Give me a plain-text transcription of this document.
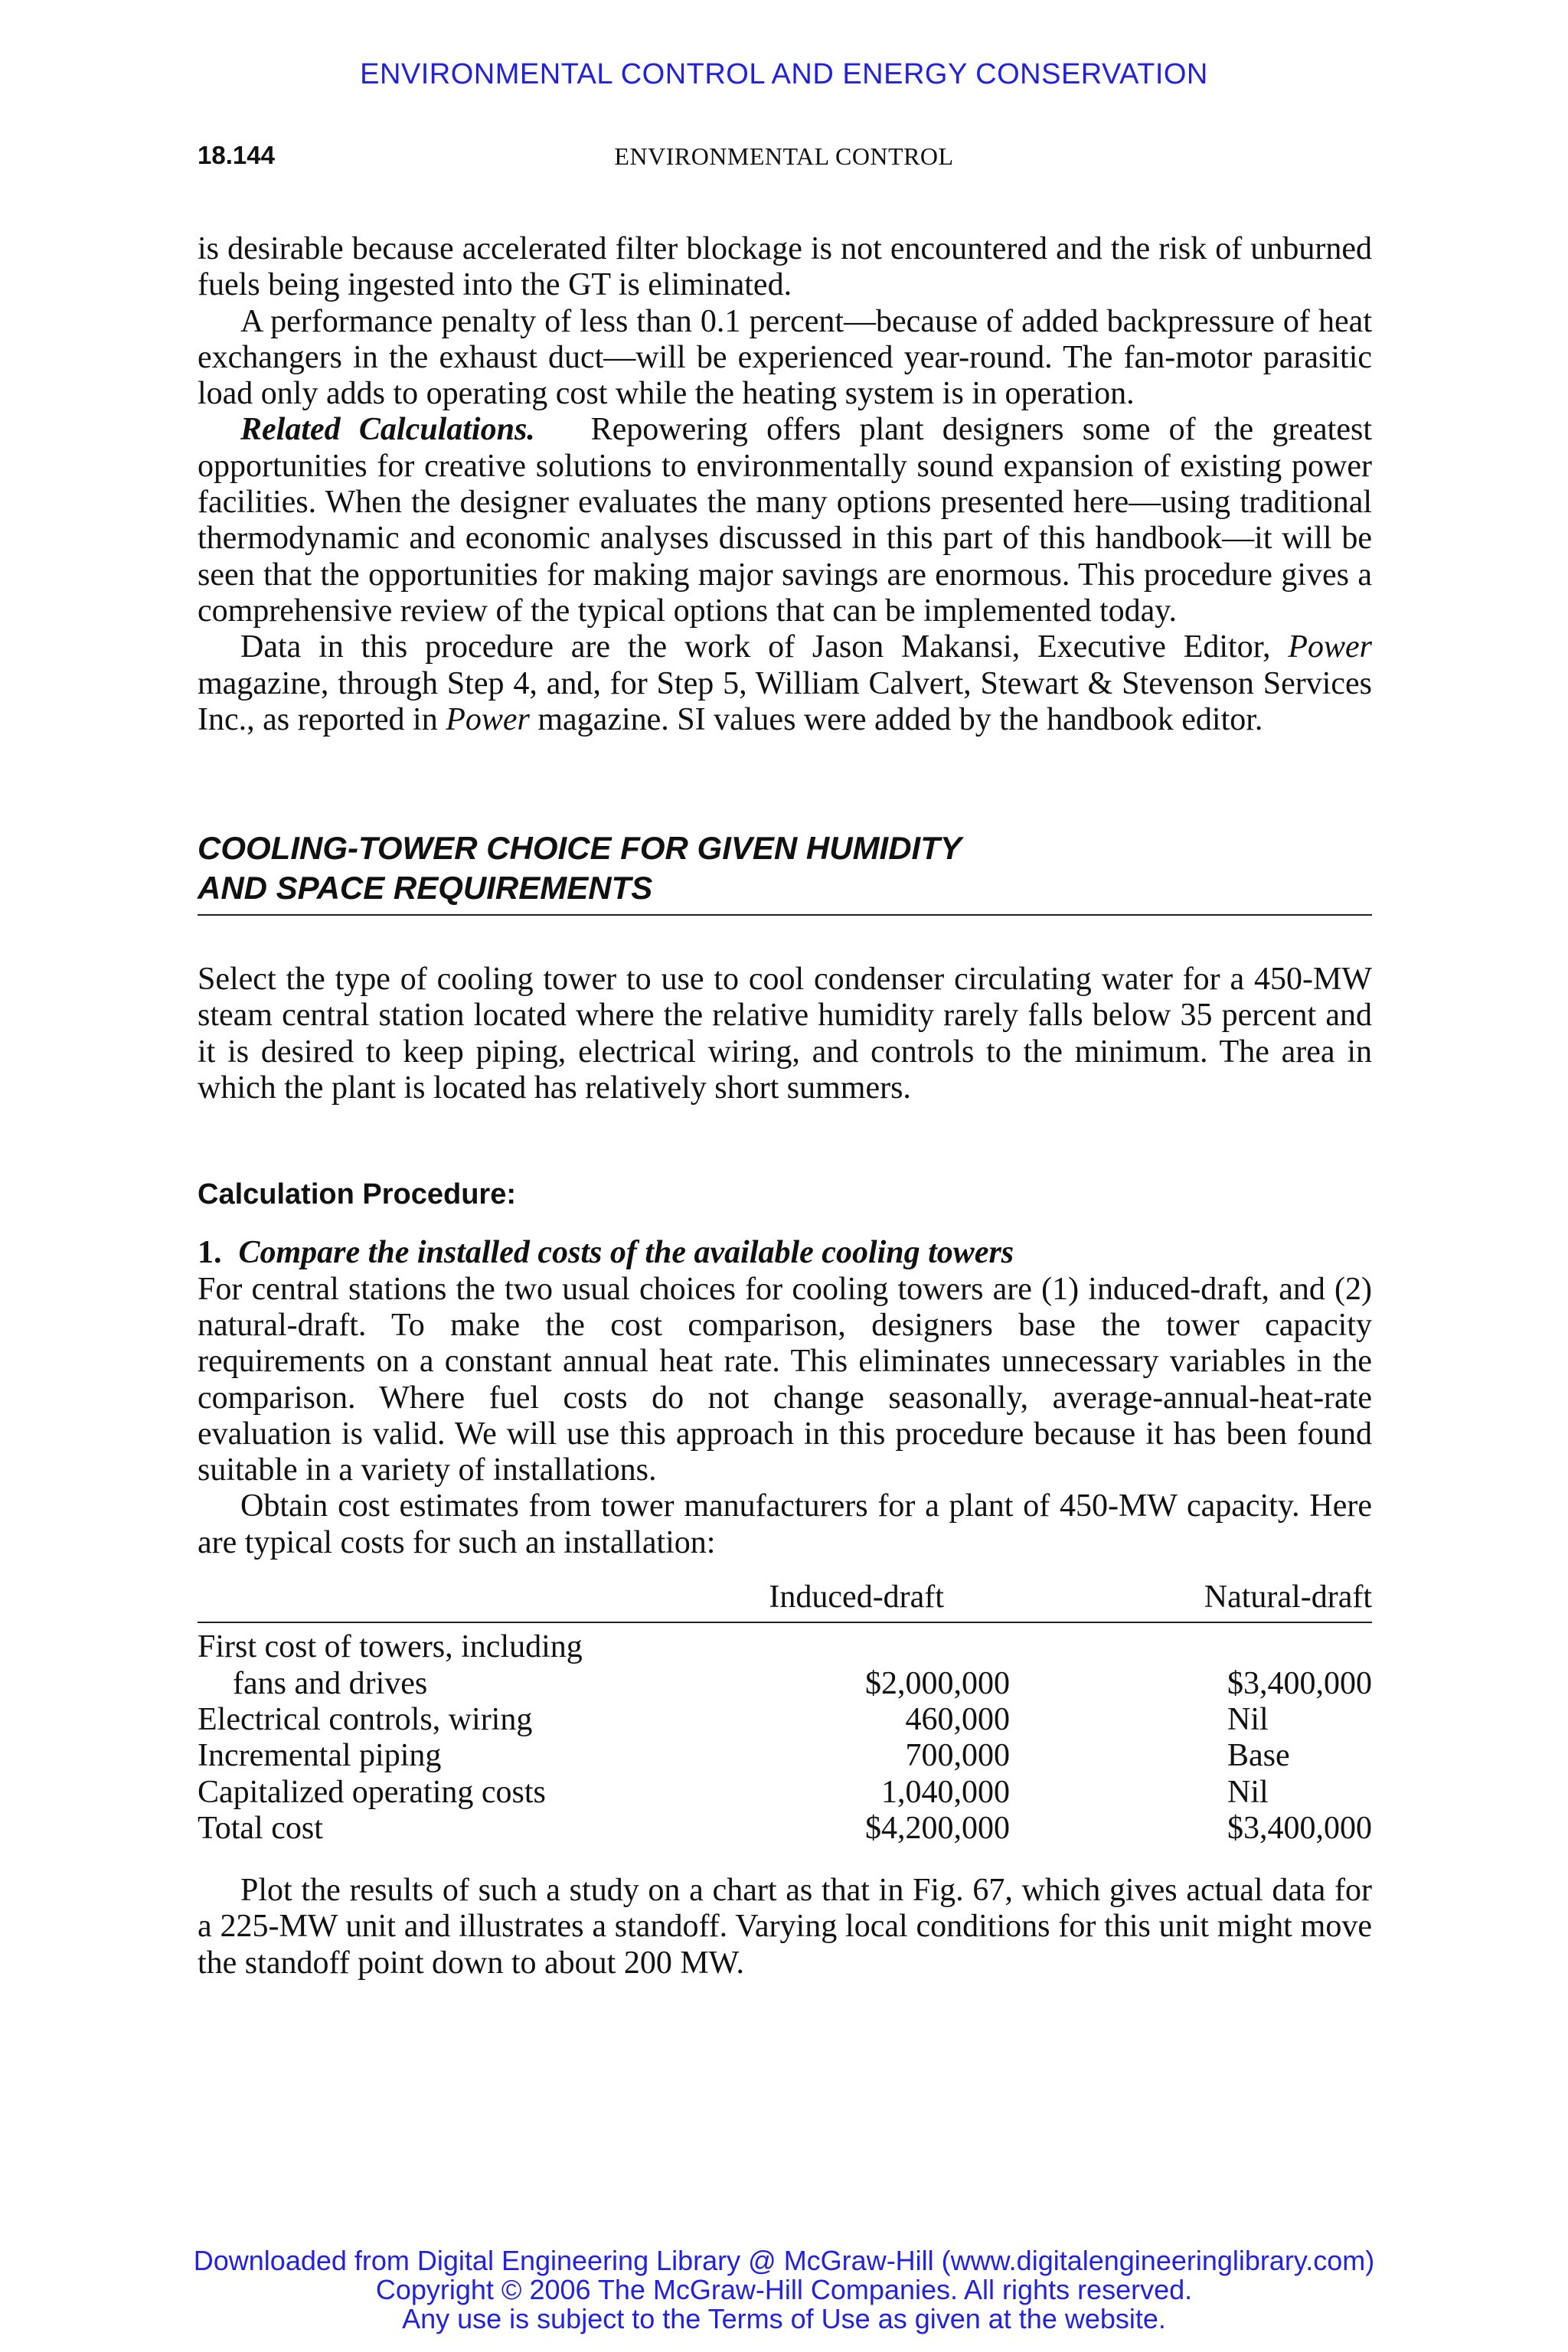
ENVIRONMENTAL CONTROL AND ENERGY CONSERVATION
18.144	ENVIRONMENTAL CONTROL

is desirable because accelerated filter blockage is not encountered and the risk of unburned fuels being ingested into the GT is eliminated.

A performance penalty of less than 0.1 percent—because of added backpressure of heat exchangers in the exhaust duct—will be experienced year-round. The fan-motor parasitic load only adds to operating cost while the heating system is in operation.

Related Calculations. Repowering offers plant designers some of the greatest opportunities for creative solutions to environmentally sound expansion of existing power facilities. When the designer evaluates the many options presented here—using traditional thermodynamic and economic analyses discussed in this part of this handbook—it will be seen that the opportunities for making major savings are enormous. This procedure gives a comprehensive review of the typical options that can be implemented today.

Data in this procedure are the work of Jason Makansi, Executive Editor, Power magazine, through Step 4, and, for Step 5, William Calvert, Stewart & Stevenson Services Inc., as reported in Power magazine. SI values were added by the handbook editor.

COOLING-TOWER CHOICE FOR GIVEN HUMIDITY
AND SPACE REQUIREMENTS

Select the type of cooling tower to use to cool condenser circulating water for a 450-MW steam central station located where the relative humidity rarely falls below 35 percent and it is desired to keep piping, electrical wiring, and controls to the minimum. The area in which the plant is located has relatively short summers.

Calculation Procedure:
1. Compare the installed costs of the available cooling towers

For central stations the two usual choices for cooling towers are (1) induced-draft, and (2) natural-draft. To make the cost comparison, designers base the tower capacity requirements on a constant annual heat rate. This eliminates unnecessary variables in the comparison. Where fuel costs do not change seasonally, average-annual-heat-rate evaluation is valid. We will use this approach in this procedure because it has been found suitable in a variety of installations.

Obtain cost estimates from tower manufacturers for a plant of 450-MW capacity. Here are typical costs for such an installation:

	Induced-draft	Natural-draft
First cost of towers, including		
fans and drives	$2,000,000	$3,400,000
Electrical controls, wiring	460,000	Nil
Incremental piping	700,000	Base
Capitalized operating costs	1,040,000	Nil
Total cost	$4,200,000	$3,400,000

Plot the results of such a study on a chart as that in Fig. 67, which gives actual data for a 225-MW unit and illustrates a standoff. Varying local conditions for this unit might move the standoff point down to about 200 MW.

Downloaded from Digital Engineering Library @ McGraw-Hill (www.digitalengineeringlibrary.com)
Copyright © 2006 The McGraw-Hill Companies. All rights reserved.
Any use is subject to the Terms of Use as given at the website.
